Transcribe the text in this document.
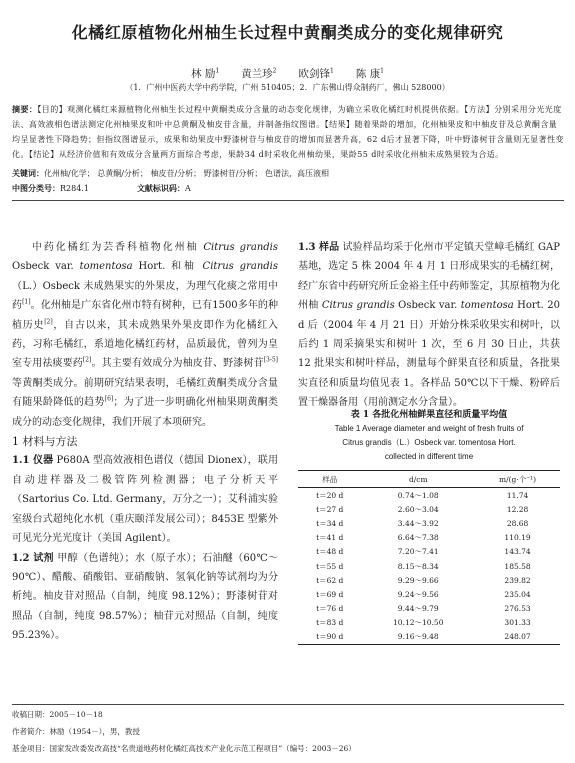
化橘红原植物化州柚生长过程中黄酮类成分的变化规律研究
林 励$^1$ 黄兰珍$^2$ 欧剑锋$^1$ 陈 康$^1$
（1．广州中医药大学中药学院，广州 510405；2．广东佛山得众制药厂，佛山 528000）
摘要：【目的】观测化橘红来源植物化州柚生长过程中黄酮类成分含量的动态变化规律，为确立采收化橘红时机提供依据。【方法】分别采用分光光度法、高效液相色谱法测定化州柚果皮和叶中总黄酮及柚皮苷含量，并制备指纹图谱。【结果】随着果龄的增加，化州柚果皮和中柚皮苷及总黄酮含量均呈显著性下降趋势；但指纹图谱显示，成果和幼果皮中野漆树苷与柚皮苷的增加而显著升高，62 d后才显著下降，叶中野漆树苷含量则无显著性变化。【结论】从经济价值和有效成分含量两方面综合考虑，果龄34 d时采收化州柚幼果，果龄55 d时采收化州柚未成熟果较为合适。
关键词：化州柚/化学； 总黄酮/分析； 柚皮苷/分析； 野漆树苷/分析； 色谱法，高压液相
中图分类号：R284.1	文献标识码：A

中药化橘红为芸香科植物化州柚 Citrus grandis Osbeck var. tomentosa Hort. 和柚 Citrus grandis（L.）Osbeck 未成熟果实的外果皮，为理气化痰之常用中药[1]。化州柚是广东省化州市特有树种，已有1500多年的种植历史[2]，自古以来，其未成熟果外果皮即作为化橘红入药，习称毛橘红，系道地化橘红药材，品质最优，曾列为皇室专用祛痰要药[2]。其主要有效成分为柚皮苷、野漆树苷[3-5]等黄酮类成分。前期研究结果表明，毛橘红黄酮类成分含量有随果龄降低的趋势[6]；为了进一步明确化州柚果期黄酮类成分的动态变化规律，我们开展了本项研究。

1 材料与方法

1.1 仪器 P680A 型高效液相色谱仪（德国 Dionex），联用自动进样器及二极管阵列检测器；电子分析天平（Sartorius Co. Ltd. Germany，万分之一）；艾科浦实验室级台式超纯化水机（重庆颐洋发展公司）；8453E 型紫外可见光分光光度计（美国 Agilent）。

1.2 试剂 甲醇（色谱纯）；水（原子水）；石油醚（60℃～90℃）、醋酸、硝酸铝、亚硝酸钠、氢氧化钠等试剂均为分析纯。柚皮苷对照品（自制，纯度 98.12%）；野漆树苷对照品（自制，纯度 98.57%）；柚苷元对照品（自制，纯度 95.23%）。

1.3 样品 试验样品均采于化州市平定镇天堂嶂毛橘红 GAP 基地，选定 5 株 2004 年 4 月 1 日形成果实的毛橘红树，经广东省中药研究所丘金裕主任中药师鉴定，其原植物为化州柚 Citrus grandis Osbeck var. tomentosa Hort. 20 d 后（2004 年 4 月 21 日）开始分株采收果实和树叶，以后约 1 周采摘果实和树叶 1 次，至 6 月 30 日止，共获 12 批果实和树叶样品，测量每个鲜果直径和质量，各批果实直径和质量均值见表 1。各样品 50℃以下干燥、粉碎后置干燥器备用（用前测定水分含量）。

表 1 各批化州柚鲜果直径和质量平均值
Table 1 Average diameter and weight of fresh fruits of
Citrus grandis（L.）Osbeck var. tomentosa Hort.
collected in different time
样品	d/cm	m/(g·个⁻¹)
t＝20 d	0.74～1.08	11.74
t＝27 d	2.60～3.04	12.28
t＝34 d	3.44～3.92	28.68
t＝41 d	6.64～7.38	110.19
t＝48 d	7.20～7.41	143.74
t＝55 d	8.15～8.34	185.58
t＝62 d	9.29～9.66	239.82
t＝69 d	9.24～9.56	235.04
t＝76 d	9.44～9.79	276.53
t＝83 d	10.12～10.50	301.33
t＝90 d	9.16～9.48	248.07
收稿日期：2005－10－18
作者简介：林励（1954－），男，教授
基金项目：国家发改委发改高技“名贵道地药材化橘红高技术产业化示范工程项目”（编号：2003－26）
